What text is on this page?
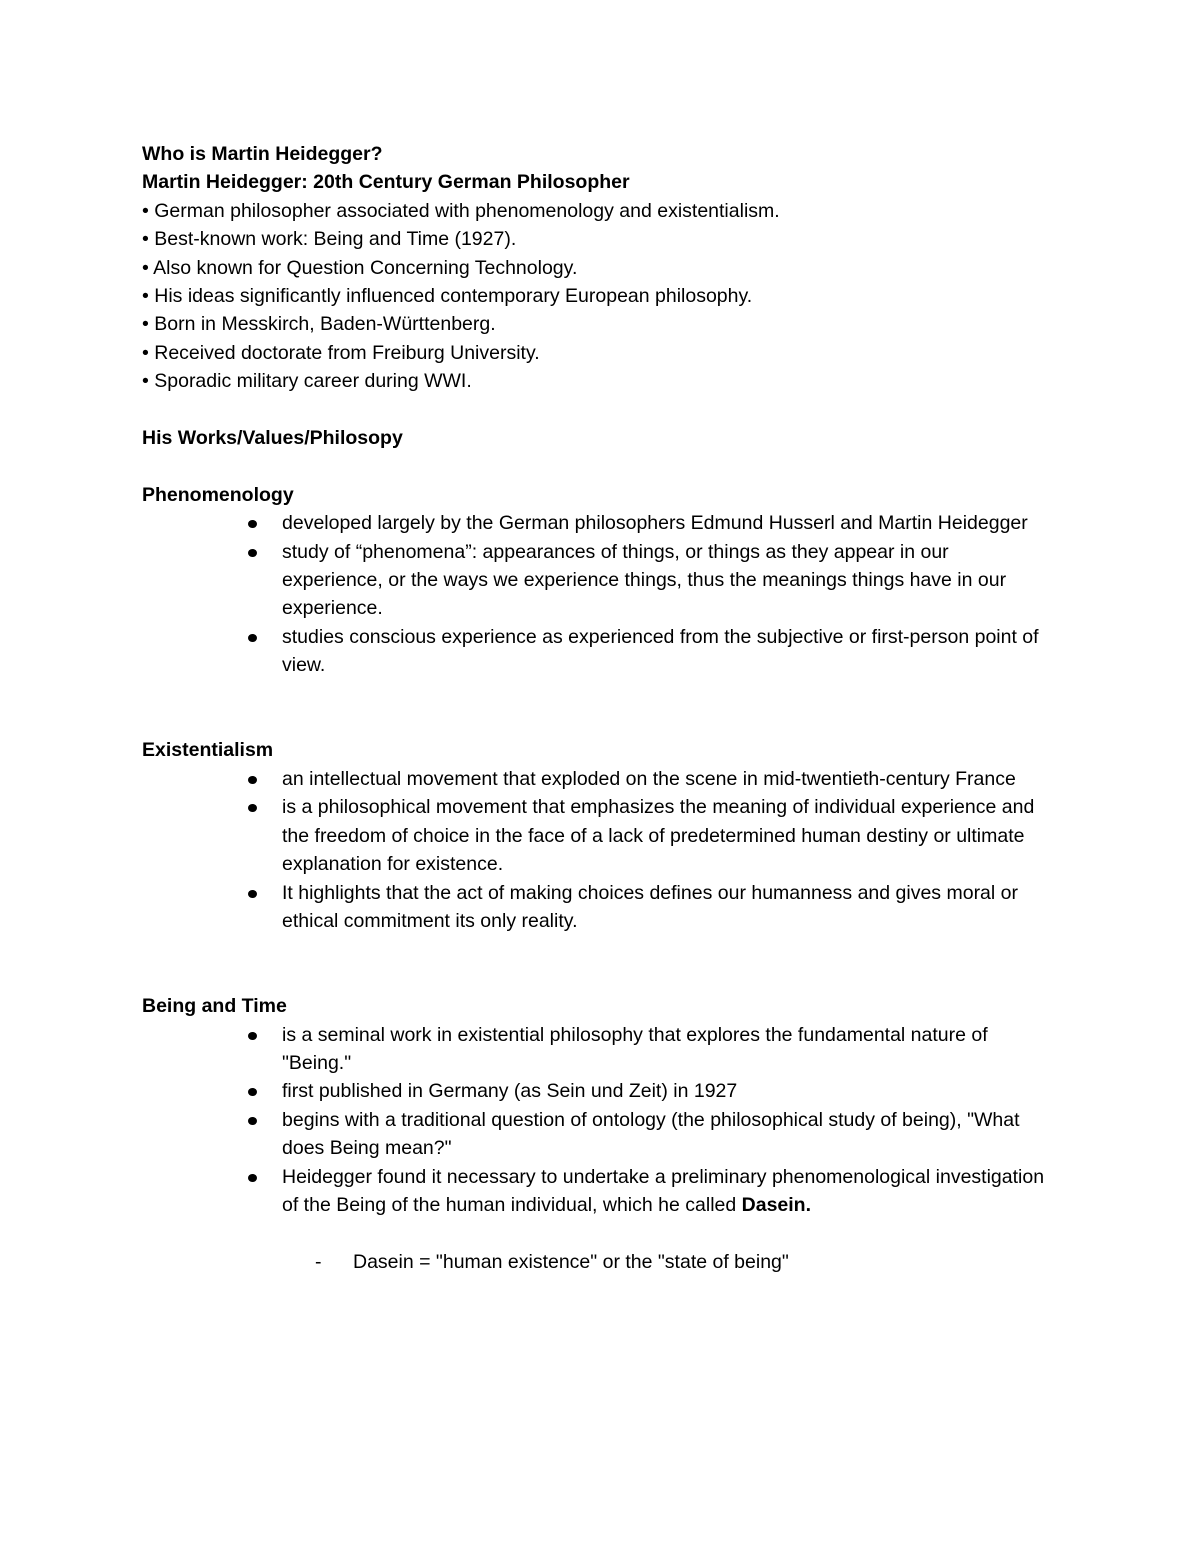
Who is Martin Heidegger?

Martin Heidegger: 20th Century German Philosopher

• German philosopher associated with phenomenology and existentialism.

• Best-known work: Being and Time (1927).

• Also known for Question Concerning Technology.

• His ideas significantly influenced contemporary European philosophy.

• Born in Messkirch, Baden-Württenberg.

• Received doctorate from Freiburg University.

• Sporadic military career during WWI.

His Works/Values/Philosopy

Phenomenology

developed largely by the German philosophers Edmund Husserl and Martin Heidegger
study of “phenomena”: appearances of things, or things as they appear in our experience, or the ways we experience things, thus the meanings things have in our experience.
studies conscious experience as experienced from the subjective or first-person point of view.

Existentialism

an intellectual movement that exploded on the scene in mid-twentieth-century France
is a philosophical movement that emphasizes the meaning of individual experience and the freedom of choice in the face of a lack of predetermined human destiny or ultimate explanation for existence.
It highlights that the act of making choices defines our humanness and gives moral or ethical commitment its only reality.

Being and Time

is a seminal work in existential philosophy that explores the fundamental nature of "Being."
first published in Germany (as Sein und Zeit) in 1927
begins with a traditional question of ontology (the philosophical study of being), "What does Being mean?"
Heidegger found it necessary to undertake a preliminary phenomenological investigation of the Being of the human individual, which he called Dasein.
- Dasein = "human existence" or the "state of being"
